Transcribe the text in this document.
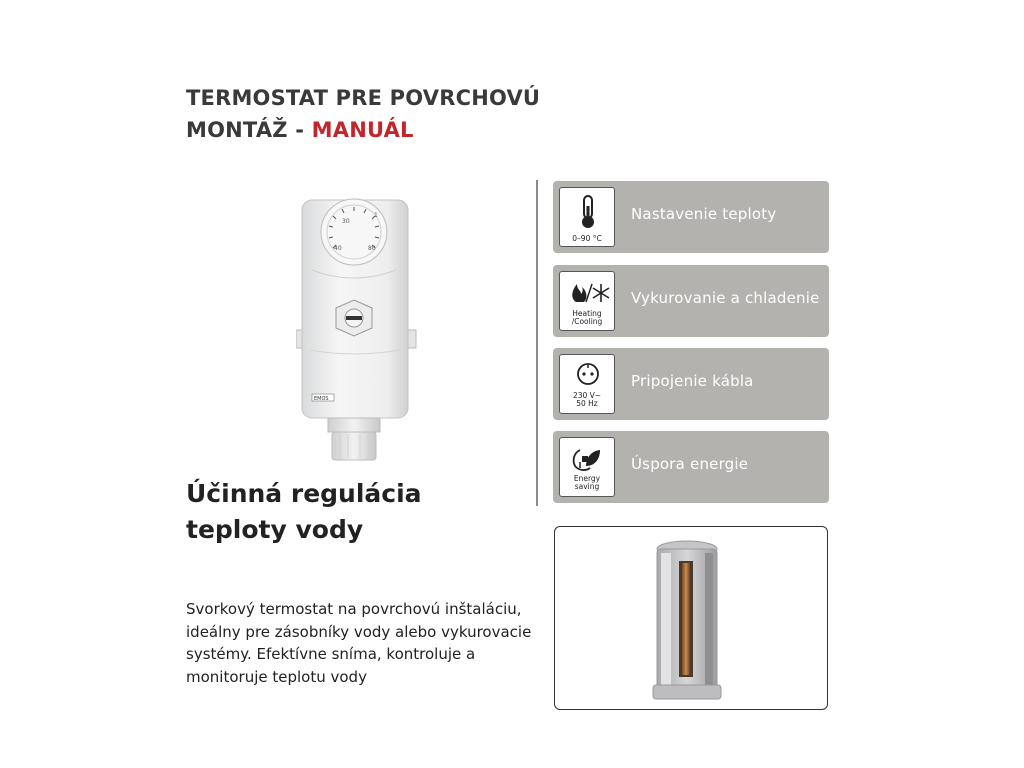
TERMOSTAT PRE POVRCHOVÚ
MONTÁŽ - MANUÁL
30
80
40
1
EMOS
Účinná regulácia
teploty vody
Svorkový termostat na povrchovú inštaláciu, ideálny pre zásobníky vody alebo vykurovacie systémy. Efektívne sníma, kontroluje a monitoruje teplotu vody
0–90 °C
Nastavenie teploty
Heating
/Cooling
Vykurovanie a chladenie
230 V~
50 Hz
Pripojenie kábla
Energy
saving
Úspora energie
